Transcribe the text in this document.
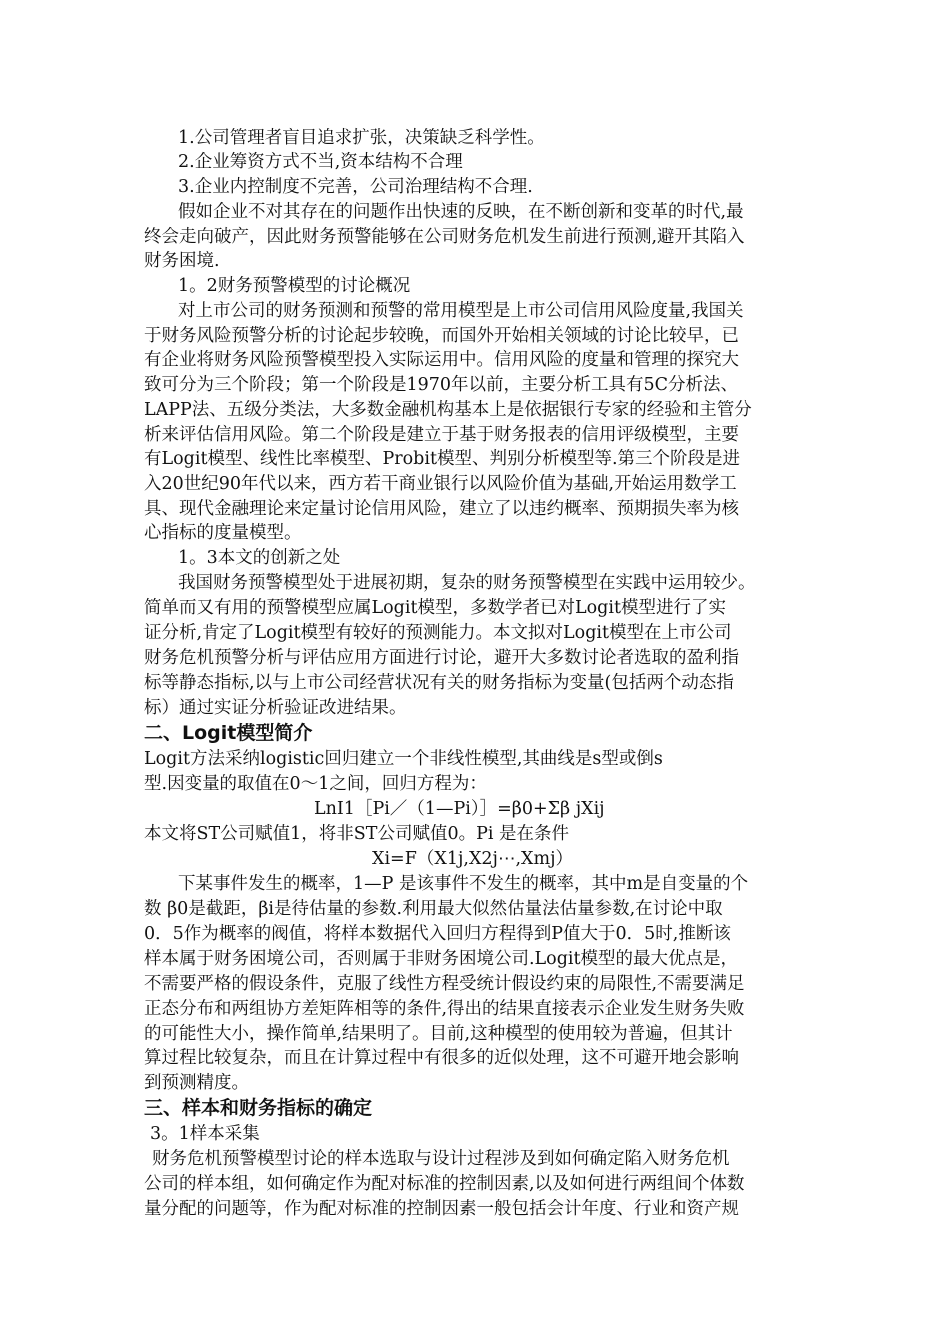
1.公司管理者盲目追求扩张，决策缺乏科学性。
2.企业筹资方式不当,资本结构不合理
3.企业内控制度不完善，公司治理结构不合理.
假如企业不对其存在的问题作出快速的反映，在不断创新和变革的时代,最
终会走向破产，因此财务预警能够在公司财务危机发生前进行预测,避开其陷入
财务困境.
1。2财务预警模型的讨论概况
对上市公司的财务预测和预警的常用模型是上市公司信用风险度量,我国关
于财务风险预警分析的讨论起步较晚，而国外开始相关领域的讨论比较早，已
有企业将财务风险预警模型投入实际运用中。信用风险的度量和管理的探究大
致可分为三个阶段；第一个阶段是1970年以前，主要分析工具有5C分析法、
LAPP法、五级分类法，大多数金融机构基本上是依据银行专家的经验和主管分
析来评估信用风险。第二个阶段是建立于基于财务报表的信用评级模型，主要
有Logit模型、线性比率模型、Probit模型、判别分析模型等.第三个阶段是进
入20世纪90年代以来，西方若干商业银行以风险价值为基础,开始运用数学工
具、现代金融理论来定量讨论信用风险，建立了以违约概率、预期损失率为核
心指标的度量模型。
1。3本文的创新之处
我国财务预警模型处于进展初期，复杂的财务预警模型在实践中运用较少。
简单而又有用的预警模型应属Logit模型，多数学者已对Logit模型进行了实
证分析,肯定了Logit模型有较好的预测能力。本文拟对Logit模型在上市公司
财务危机预警分析与评估应用方面进行讨论，避开大多数讨论者选取的盈利指
标等静态指标,以与上市公司经营状况有关的财务指标为变量(包括两个动态指
标）通过实证分析验证改进结果。
二、Logit模型简介
Logit方法采纳logistic回归建立一个非线性模型,其曲线是s型或倒s
型.因变量的取值在0～1之间，回归方程为：
LnI1［Pi／（1—Pi）］=β0+Σβ jXij
本文将ST公司赋值1，将非ST公司赋值0。Pi 是在条件
Xi=F（X1j,X2j⋯,Xmj）
下某事件发生的概率，1—P 是该事件不发生的概率，其中m是自变量的个
数 β0是截距，βi是待估量的参数.利用最大似然估量法估量参数,在讨论中取
0．5作为概率的阀值，将样本数据代入回归方程得到P值大于0．5时,推断该
样本属于财务困境公司，否则属于非财务困境公司.Logit模型的最大优点是，
不需要严格的假设条件，克服了线性方程受统计假设约束的局限性,不需要满足
正态分布和两组协方差矩阵相等的条件,得出的结果直接表示企业发生财务失败
的可能性大小，操作简单,结果明了。目前,这种模型的使用较为普遍，但其计
算过程比较复杂，而且在计算过程中有很多的近似处理，这不可避开地会影响
到预测精度。
三、样本和财务指标的确定
3。1样本采集
财务危机预警模型讨论的样本选取与设计过程涉及到如何确定陷入财务危机
公司的样本组，如何确定作为配对标准的控制因素,以及如何进行两组间个体数
量分配的问题等，作为配对标准的控制因素一般包括会计年度、行业和资产规
